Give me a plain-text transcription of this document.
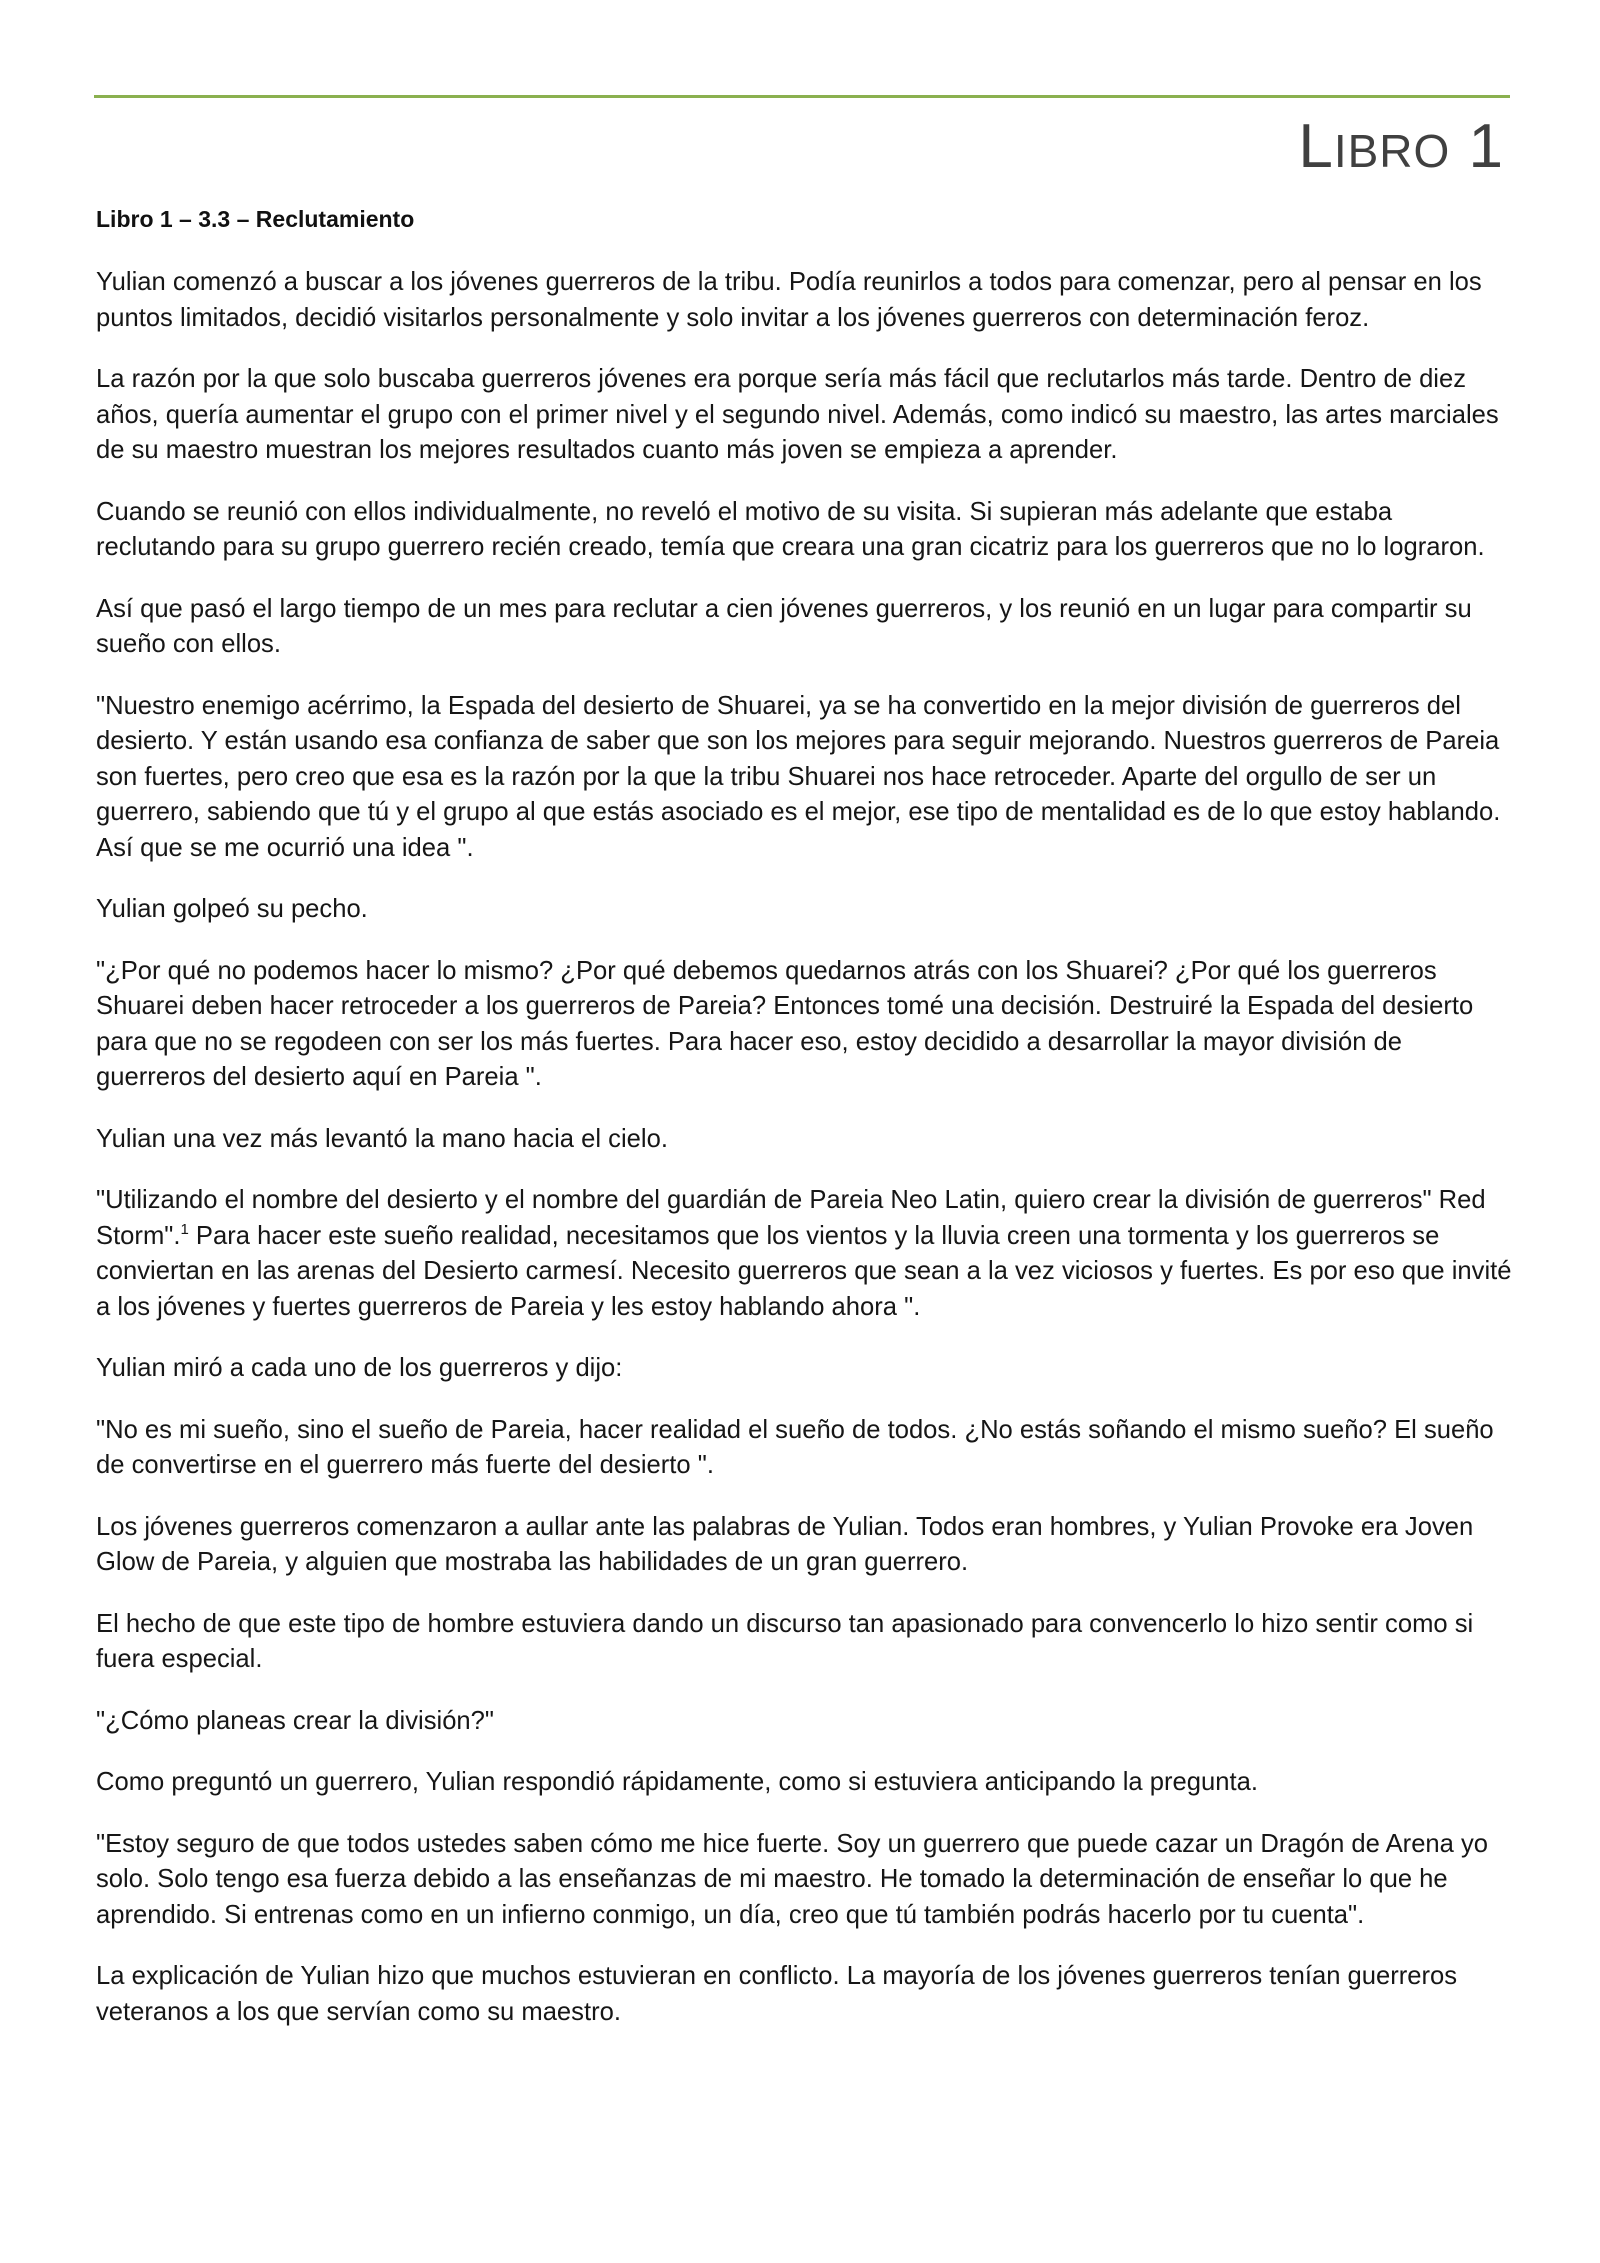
LIBRO 1
Libro 1 – 3.3 – Reclutamiento

Yulian comenzó a buscar a los jóvenes guerreros de la tribu. Podía reunirlos a todos para comenzar, pero al pensar en los puntos limitados, decidió visitarlos personalmente y solo invitar a los jóvenes guerreros con determinación feroz.

La razón por la que solo buscaba guerreros jóvenes era porque sería más fácil que reclutarlos más tarde. Dentro de diez años, quería aumentar el grupo con el primer nivel y el segundo nivel. Además, como indicó su maestro, las artes marciales de su maestro muestran los mejores resultados cuanto más joven se empieza a aprender.

Cuando se reunió con ellos individualmente, no reveló el motivo de su visita. Si supieran más adelante que estaba reclutando para su grupo guerrero recién creado, temía que creara una gran cicatriz para los guerreros que no lo lograron.

Así que pasó el largo tiempo de un mes para reclutar a cien jóvenes guerreros, y los reunió en un lugar para compartir su sueño con ellos.

"Nuestro enemigo acérrimo, la Espada del desierto de Shuarei, ya se ha convertido en la mejor división de guerreros del desierto. Y están usando esa confianza de saber que son los mejores para seguir mejorando. Nuestros guerreros de Pareia son fuertes, pero creo que esa es la razón por la que la tribu Shuarei nos hace retroceder. Aparte del orgullo de ser un guerrero, sabiendo que tú y el grupo al que estás asociado es el mejor, ese tipo de mentalidad es de lo que estoy hablando. Así que se me ocurrió una idea ".

Yulian golpeó su pecho.

"¿Por qué no podemos hacer lo mismo? ¿Por qué debemos quedarnos atrás con los Shuarei? ¿Por qué los guerreros Shuarei deben hacer retroceder a los guerreros de Pareia? Entonces tomé una decisión. Destruiré la Espada del desierto para que no se regodeen con ser los más fuertes. Para hacer eso, estoy decidido a desarrollar la mayor división de guerreros del desierto aquí en Pareia ".

Yulian una vez más levantó la mano hacia el cielo.

"Utilizando el nombre del desierto y el nombre del guardián de Pareia Neo Latin, quiero crear la división de guerreros" Red Storm".$^1$ Para hacer este sueño realidad, necesitamos que los vientos y la lluvia creen una tormenta y los guerreros se conviertan en las arenas del Desierto carmesí. Necesito guerreros que sean a la vez viciosos y fuertes. Es por eso que invité a los jóvenes y fuertes guerreros de Pareia y les estoy hablando ahora ".

Yulian miró a cada uno de los guerreros y dijo:

"No es mi sueño, sino el sueño de Pareia, hacer realidad el sueño de todos. ¿No estás soñando el mismo sueño? El sueño de convertirse en el guerrero más fuerte del desierto ".

Los jóvenes guerreros comenzaron a aullar ante las palabras de Yulian. Todos eran hombres, y Yulian Provoke era Joven Glow de Pareia, y alguien que mostraba las habilidades de un gran guerrero.

El hecho de que este tipo de hombre estuviera dando un discurso tan apasionado para convencerlo lo hizo sentir como si fuera especial.

"¿Cómo planeas crear la división?"

Como preguntó un guerrero, Yulian respondió rápidamente, como si estuviera anticipando la pregunta.

"Estoy seguro de que todos ustedes saben cómo me hice fuerte. Soy un guerrero que puede cazar un Dragón de Arena yo solo. Solo tengo esa fuerza debido a las enseñanzas de mi maestro. He tomado la determinación de enseñar lo que he aprendido. Si entrenas como en un infierno conmigo, un día, creo que tú también podrás hacerlo por tu cuenta".

La explicación de Yulian hizo que muchos estuvieran en conflicto. La mayoría de los jóvenes guerreros tenían guerreros veteranos a los que servían como su maestro.
